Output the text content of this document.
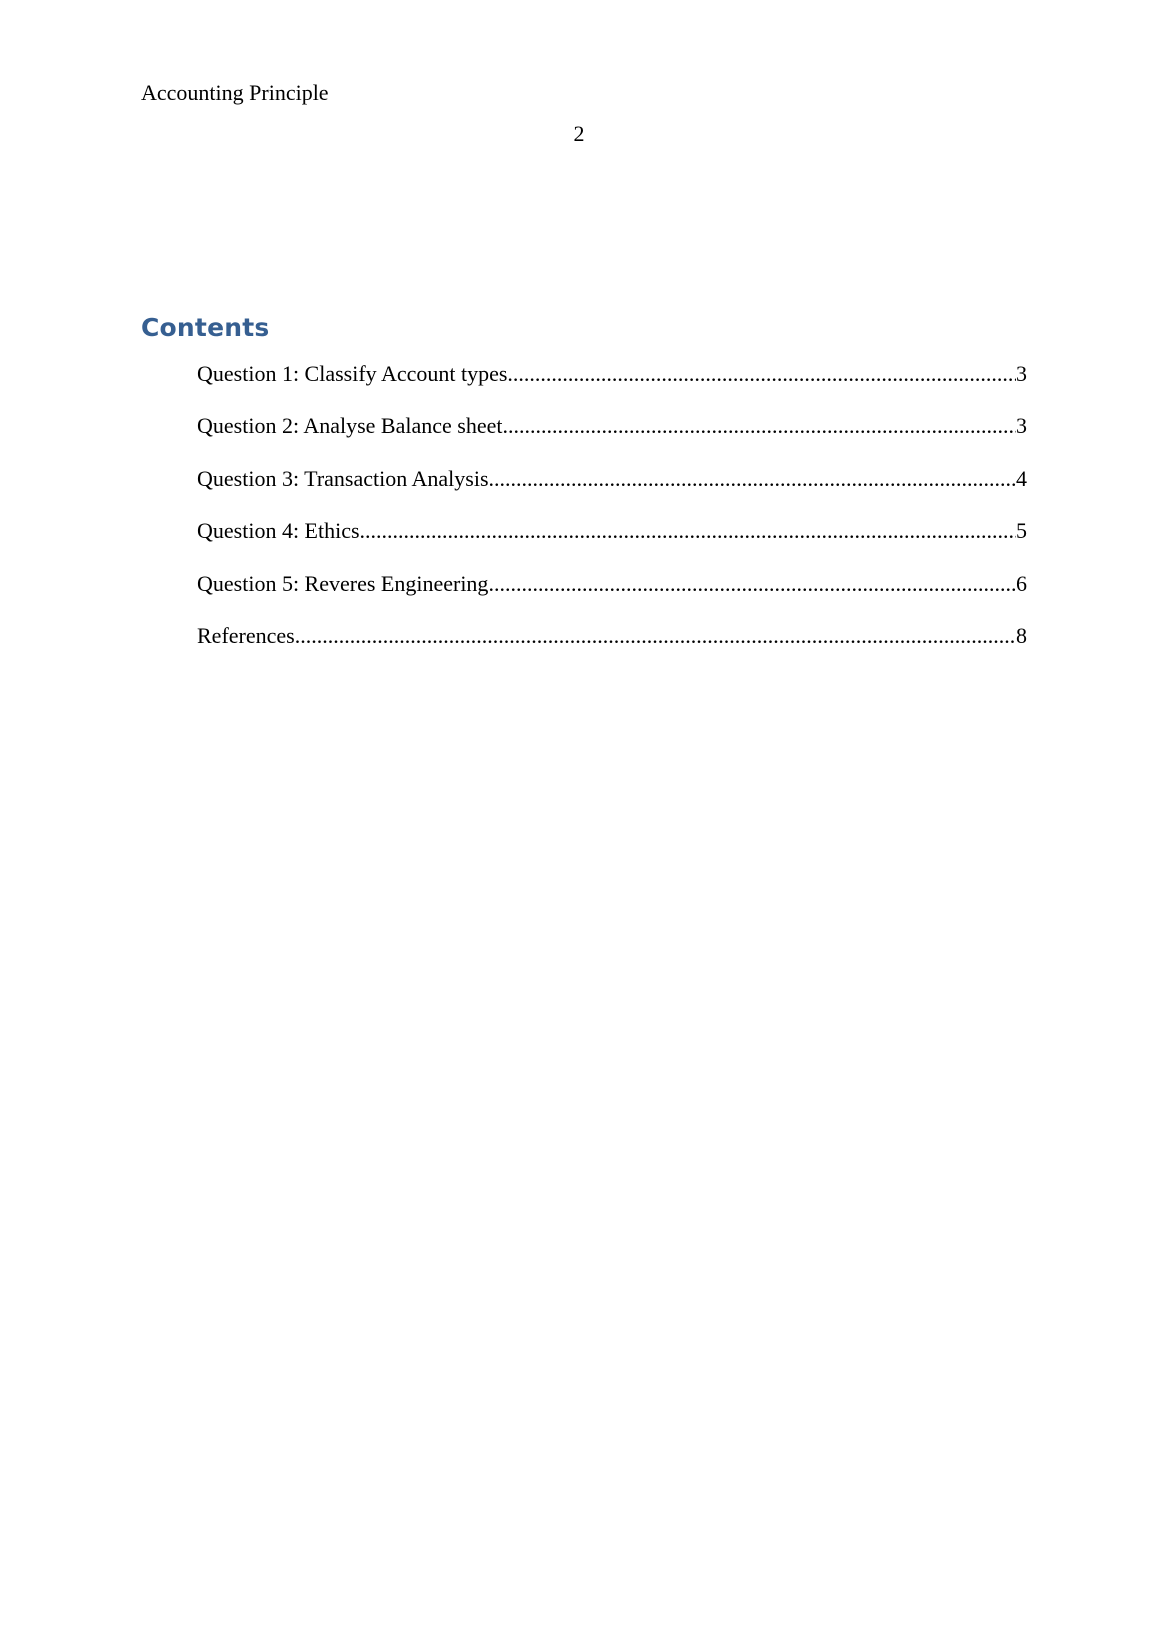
Accounting Principle
2
Contents
Question 1: Classify Account types .....	3
Question 2: Analyse Balance sheet .....	3
Question 3: Transaction Analysis .....	4
Question 4: Ethics .....	5
Question 5: Reveres Engineering .....	6
References .....	8
